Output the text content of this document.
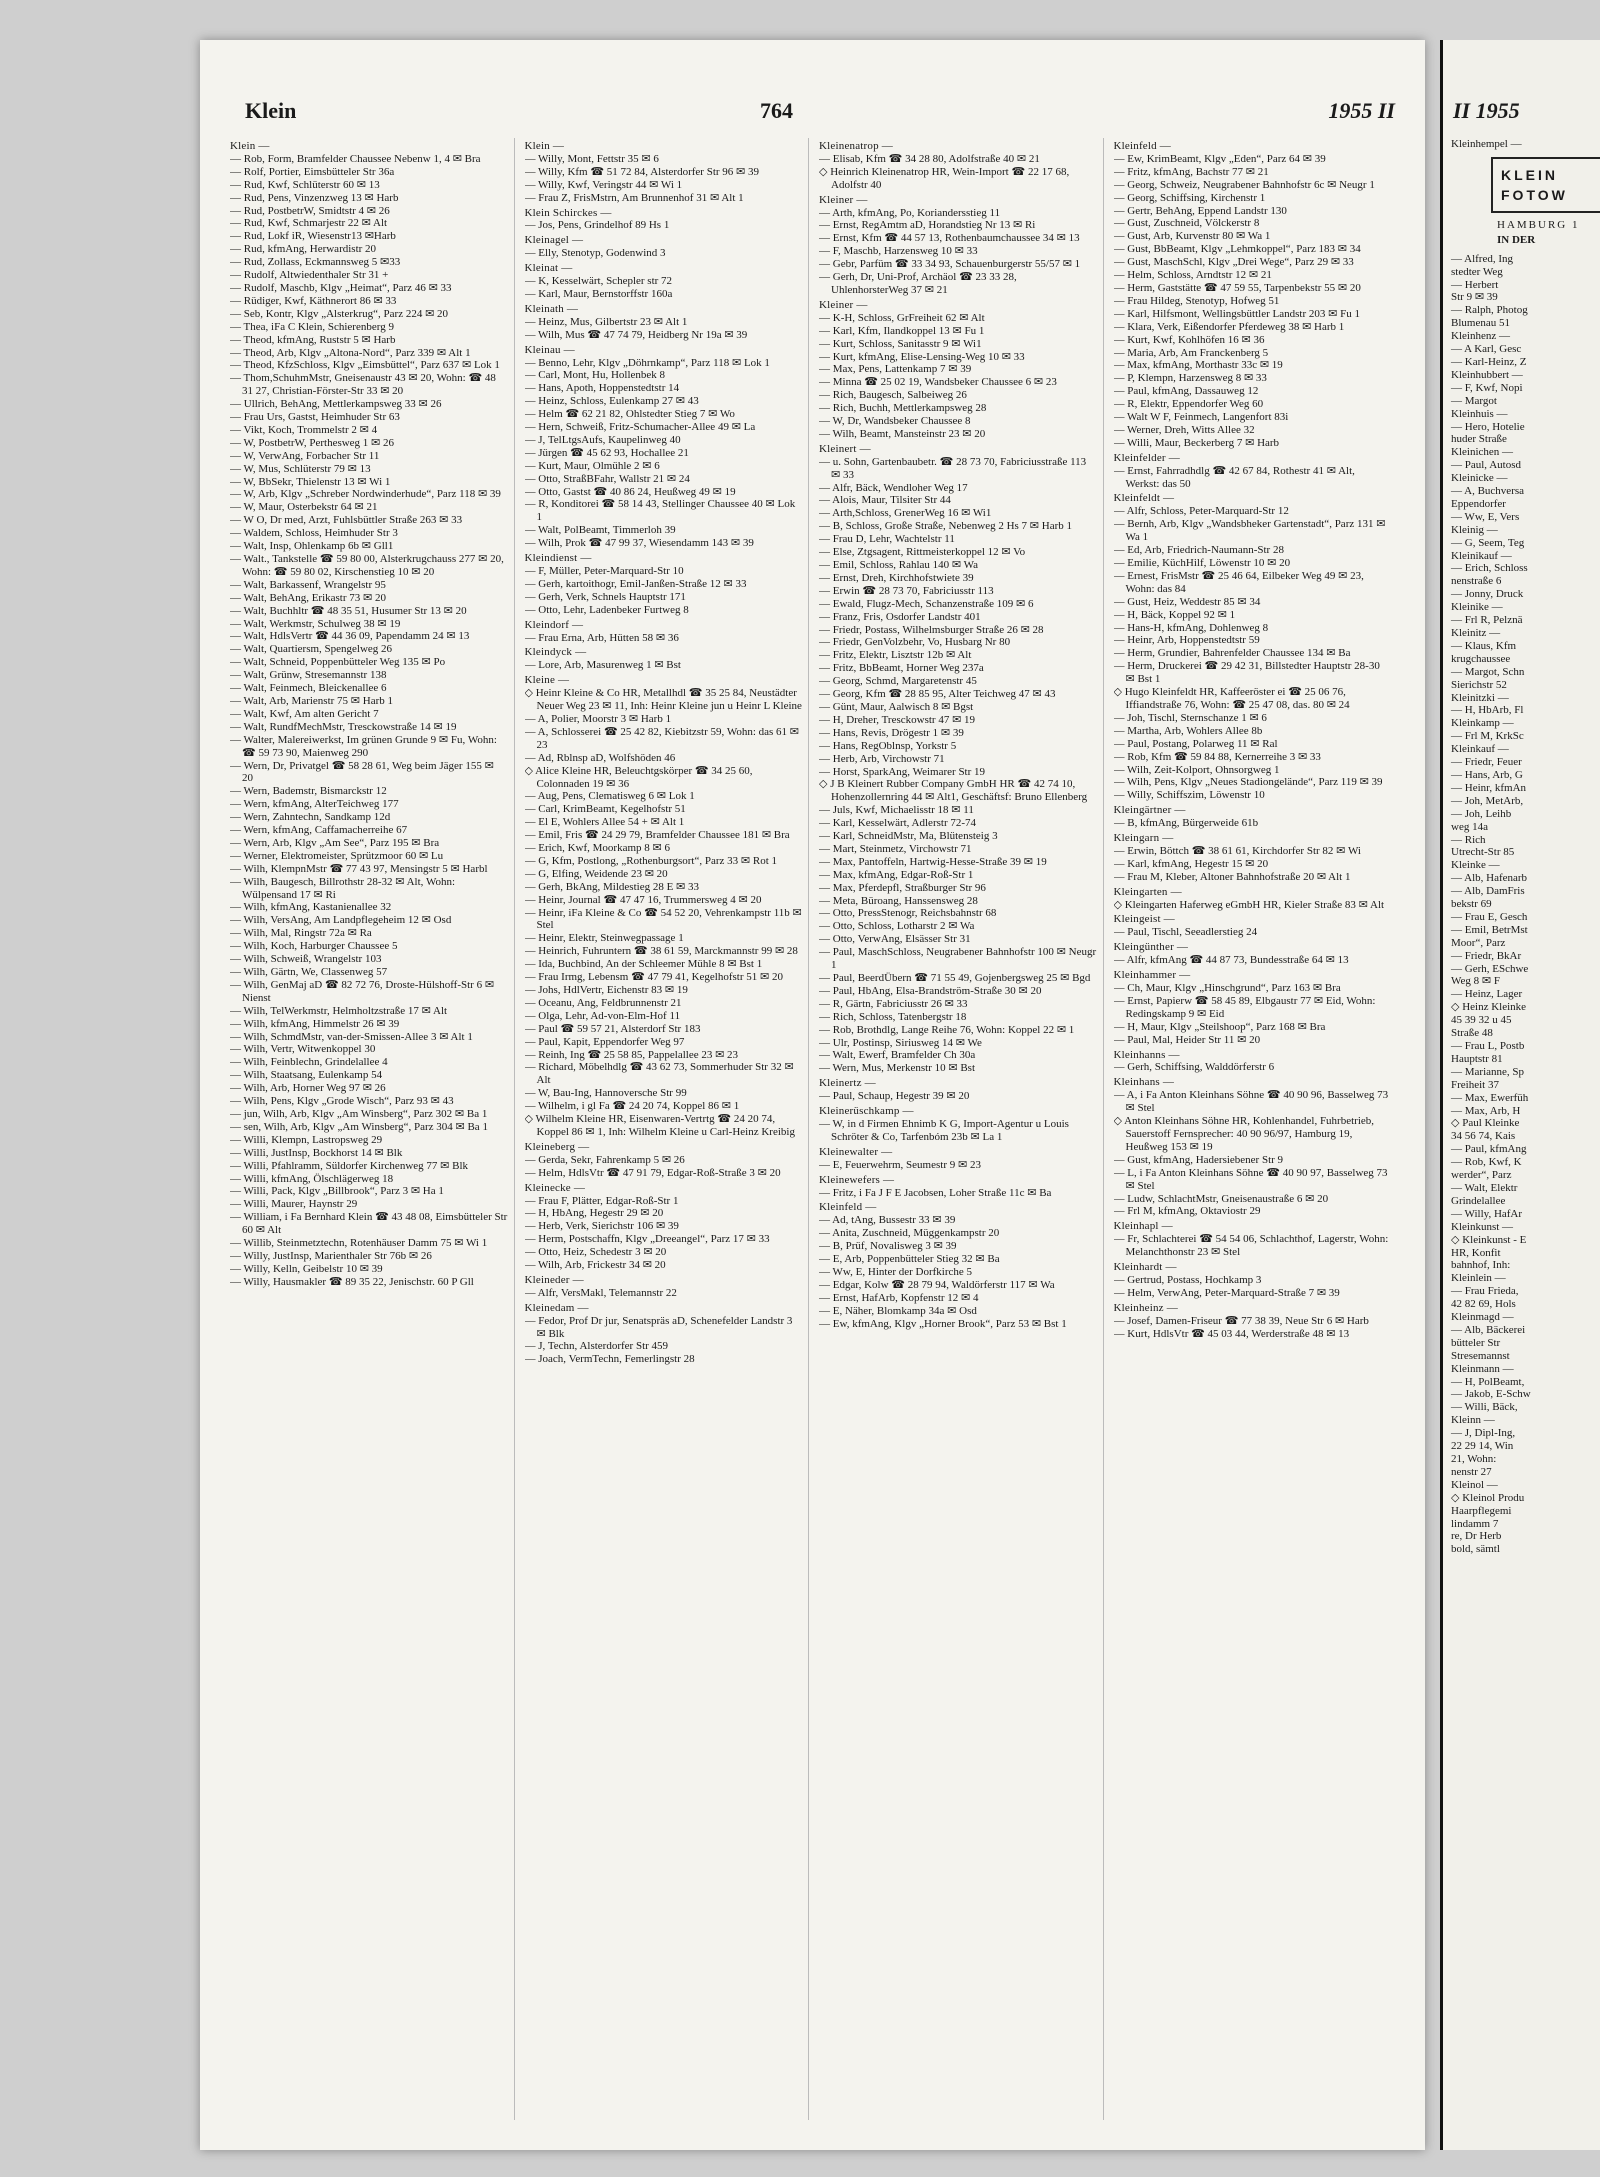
Klein	764	1955 II
Klein —
— Rob, Form, Bramfelder Chaussee Nebenw 1, 4 ✉ Bra
— Rolf, Portier, Eimsbütteler Str 36a
— Rud, Kwf, Schlüterstr 60 ✉ 13
— Rud, Pens, Vinzenzweg 13 ✉ Harb
— Rud, PostbetrW, Smidtstr 4 ✉ 26
— Rud, Kwf, Schmarjestr 22 ✉ Alt
— Rud, Lokf iR, Wiesenstr13 ✉Harb
— Rud, kfmAng, Herwardistr 20
— Rud, Zollass, Eckmannsweg 5 ✉33
— Rudolf, Altwiedenthaler Str 31 +
— Rudolf, Maschb, Klgv „Heimat“, Parz 46 ✉ 33
— Rüdiger, Kwf, Käthnerort 86 ✉ 33
— Seb, Kontr, Klgv „Alsterkrug“, Parz 224 ✉ 20
— Thea, iFa C Klein, Schierenberg 9
— Theod, kfmAng, Ruststr 5 ✉ Harb
— Theod, Arb, Klgv „Altona-Nord“, Parz 339 ✉ Alt 1
— Theod, KfzSchloss, Klgv „Eimsbüttel“, Parz 637 ✉ Lok 1
— Thom,SchuhmMstr, Gneisenaustr 43 ✉ 20, Wohn: ☎ 48 31 27, Christian-Förster-Str 33 ✉ 20
— Ullrich, BehAng, Mettlerkampsweg 33 ✉ 26
— Frau Urs, Gastst, Heimhuder Str 63
— Vikt, Koch, Trommelstr 2 ✉ 4
— W, PostbetrW, Perthesweg 1 ✉ 26
— W, VerwAng, Forbacher Str 11
— W, Mus, Schlüterstr 79 ✉ 13
— W, BbSekr, Thielenstr 13 ✉ Wi 1
— W, Arb, Klgv „Schreber Nordwinderhude“, Parz 118 ✉ 39
— W, Maur, Osterbekstr 64 ✉ 21
— W O, Dr med, Arzt, Fuhlsbüttler Straße 263 ✉ 33
— Waldem, Schloss, Heimhuder Str 3
— Walt, Insp, Ohlenkamp 6b ✉ Gll1
— Walt., Tankstelle ☎ 59 80 00, Alsterkrugchauss 277 ✉ 20, Wohn: ☎ 59 80 02, Kirschenstieg 10 ✉ 20
— Walt, Barkassenf, Wrangelstr 95
— Walt, BehAng, Erikastr 73 ✉ 20
— Walt, Buchhltr ☎ 48 35 51, Husumer Str 13 ✉ 20
— Walt, Werkmstr, Schulweg 38 ✉ 19
— Walt, HdlsVertr ☎ 44 36 09, Papendamm 24 ✉ 13
— Walt, Quartiersm, Spengelweg 26
— Walt, Schneid, Poppenbütteler Weg 135 ✉ Po
— Walt, Grünw, Stresemannstr 138
— Walt, Feinmech, Bleickenallee 6
— Walt, Arb, Marienstr 75 ✉ Harb 1
— Walt, Kwf, Am alten Gericht 7
— Walt, RundfMechMstr, Tresckowstraße 14 ✉ 19
— Walter, Malereiwerkst, Im grünen Grunde 9 ✉ Fu, Wohn: ☎ 59 73 90, Maienweg 290
— Wern, Dr, Privatgel ☎ 58 28 61, Weg beim Jäger 155 ✉ 20
— Wern, Bademstr, Bismarckstr 12
— Wern, kfmAng, AlterTeichweg 177
— Wern, Zahntechn, Sandkamp 12d
— Wern, kfmAng, Caffamacherreihe 67
— Wern, Arb, Klgv „Am See“, Parz 195 ✉ Bra
— Werner, Elektromeister, Sprützmoor 60 ✉ Lu
— Wilh, KlempnMstr ☎ 77 43 97, Mensingstr 5 ✉ Harbl
— Wilh, Baugesch, Billrothstr 28-32 ✉ Alt, Wohn: Wülpensand 17 ✉ Ri
— Wilh, kfmAng, Kastanienallee 32
— Wilh, VersAng, Am Landpflegeheim 12 ✉ Osd
— Wilh, Mal, Ringstr 72a ✉ Ra
— Wilh, Koch, Harburger Chaussee 5
— Wilh, Schweiß, Wrangelstr 103
— Wilh, Gärtn, We, Classenweg 57
— Wilh, GenMaj aD ☎ 82 72 76, Droste-Hülshoff-Str 6 ✉ Nienst
— Wilh, TelWerkmstr, Helmholtzstraße 17 ✉ Alt
— Wilh, kfmAng, Himmelstr 26 ✉ 39
— Wilh, SchmdMstr, van-der-Smissen-Allee 3 ✉ Alt 1
— Wilh, Vertr, Witwenkoppel 30
— Wilh, Feinblechn, Grindelallee 4
— Wilh, Staatsang, Eulenkamp 54
— Wilh, Arb, Horner Weg 97 ✉ 26
— Wilh, Pens, Klgv „Grode Wisch“, Parz 93 ✉ 43
— jun, Wilh, Arb, Klgv „Am Winsberg“, Parz 302 ✉ Ba 1
— sen, Wilh, Arb, Klgv „Am Winsberg“, Parz 304 ✉ Ba 1
— Willi, Klempn, Lastropsweg 29
— Willi, JustInsp, Bockhorst 14 ✉ Blk
— Willi, Pfahlramm, Süldorfer Kirchenweg 77 ✉ Blk
— Willi, kfmAng, Ölschlägerweg 18
— Willi, Pack, Klgv „Billbrook“, Parz 3 ✉ Ha 1
— Willi, Maurer, Haynstr 29
— William, i Fa Bernhard Klein ☎ 43 48 08, Eimsbütteler Str 60 ✉ Alt
— Willib, Steinmetztechn, Rotenhäuser Damm 75 ✉ Wi 1
— Willy, JustInsp, Marienthaler Str 76b ✉ 26
— Willy, Kelln, Geibelstr 10 ✉ 39
— Willy, Hausmakler ☎ 89 35 22, Jenischstr. 60 P Gll
Klein —
— Willy, Mont, Fettstr 35 ✉ 6
— Willy, Kfm ☎ 51 72 84, Alsterdorfer Str 96 ✉ 39
— Willy, Kwf, Veringstr 44 ✉ Wi 1
— Frau Z, FrisMstrn, Am Brunnenhof 31 ✉ Alt 1
Klein Schirckes —
— Jos, Pens, Grindelhof 89 Hs 1
Kleinagel —
— Elly, Stenotyp, Godenwind 3
Kleinat —
— K, Kesselwärt, Schepler str 72
— Karl, Maur, Bernstorffstr 160a
Kleinath —
— Heinz, Mus, Gilbertstr 23 ✉ Alt 1
— Wilh, Mus ☎ 47 74 79, Heidberg Nr 19a ✉ 39
Kleinau —
— Benno, Lehr, Klgv „Döhrnkamp“, Parz 118 ✉ Lok 1
— Carl, Mont, Hu, Hollenbek 8
— Hans, Apoth, Hoppenstedtstr 14
— Heinz, Schloss, Eulenkamp 27 ✉ 43
— Helm ☎ 62 21 82, Ohlstedter Stieg 7 ✉ Wo
— Hern, Schweiß, Fritz-Schumacher-Allee 49 ✉ La
— J, TelLtgsAufs, Kaupelinweg 40
— Jürgen ☎ 45 62 93, Hochallee 21
— Kurt, Maur, Olmühle 2 ✉ 6
— Otto, StraßBFahr, Wallstr 21 ✉ 24
— Otto, Gastst ☎ 40 86 24, Heußweg 49 ✉ 19
— R, Konditorei ☎ 58 14 43, Stellinger Chaussee 40 ✉ Lok 1
— Walt, PolBeamt, Timmerloh 39
— Wilh, Prok ☎ 47 99 37, Wiesendamm 143 ✉ 39
Kleindienst —
— F, Müller, Peter-Marquard-Str 10
— Gerh, kartoithogr, Emil-Janßen-Straße 12 ✉ 33
— Gerh, Verk, Schnels Hauptstr 171
— Otto, Lehr, Ladenbeker Furtweg 8
Kleindorf —
— Frau Erna, Arb, Hütten 58 ✉ 36
Kleindyck —
— Lore, Arb, Masurenweg 1 ✉ Bst
Kleine —
◇ Heinr Kleine & Co HR, Metallhdl ☎ 35 25 84, Neustädter Neuer Weg 23 ✉ 11, Inh: Heinr Kleine jun u Heinr L Kleine
— A, Polier, Moorstr 3 ✉ Harb 1
— A, Schlosserei ☎ 25 42 82, Kiebitzstr 59, Wohn: das 61 ✉ 23
— Ad, Rblnsp aD, Wolfshöden 46
◇ Alice Kleine HR, Beleuchtgskörper ☎ 34 25 60, Colonnaden 19 ✉ 36
— Aug, Pens, Clematisweg 6 ✉ Lok 1
— Carl, KrimBeamt, Kegelhofstr 51
— El E, Wohlers Allee 54 + ✉ Alt 1
— Emil, Fris ☎ 24 29 79, Bramfelder Chaussee 181 ✉ Bra
— Erich, Kwf, Moorkamp 8 ✉ 6
— G, Kfm, Postlong, „Rothenburgsort“, Parz 33 ✉ Rot 1
— G, Elfing, Weidende 23 ✉ 20
— Gerh, BkAng, Mildestieg 28 E ✉ 33
— Heinr, Journal ☎ 47 47 16, Trummersweg 4 ✉ 20
— Heinr, iFa Kleine & Co ☎ 54 52 20, Vehrenkampstr 11b ✉ Stel
— Heinr, Elektr, Steinwegpassage 1
— Heinrich, Fuhruntern ☎ 38 61 59, Marckmannstr 99 ✉ 28
— Ida, Buchbind, An der Schleemer Mühle 8 ✉ Bst 1
— Frau Irmg, Lebensm ☎ 47 79 41, Kegelhofstr 51 ✉ 20
— Johs, HdlVertr, Eichenstr 83 ✉ 19
— Oceanu, Ang, Feldbrunnenstr 21
— Olga, Lehr, Ad-von-Elm-Hof 11
— Paul ☎ 59 57 21, Alsterdorf Str 183
— Paul, Kapit, Eppendorfer Weg 97
— Reinh, Ing ☎ 25 58 85, Pappelallee 23 ✉ 23
— Richard, Möbelhdlg ☎ 43 62 73, Sommerhuder Str 32 ✉ Alt
— W, Bau-Ing, Hannoversche Str 99
— Wilhelm, i gl Fa ☎ 24 20 74, Koppel 86 ✉ 1
◇ Wilhelm Kleine HR, Eisenwaren-Vertrtg ☎ 24 20 74, Koppel 86 ✉ 1, Inh: Wilhelm Kleine u Carl-Heinz Kreibig
Kleineberg —
— Gerda, Sekr, Fahrenkamp 5 ✉ 26
— Helm, HdlsVtr ☎ 47 91 79, Edgar-Roß-Straße 3 ✉ 20
Kleinecke —
— Frau F, Plätter, Edgar-Roß-Str 1
— H, HbAng, Hegestr 29 ✉ 20
— Herb, Verk, Sierichstr 106 ✉ 39
— Herm, Postschaffn, Klgv „Dreeangel“, Parz 17 ✉ 33
— Otto, Heiz, Schedestr 3 ✉ 20
— Wilh, Arb, Frickestr 34 ✉ 20
Kleineder —
— Alfr, VersMakl, Telemannstr 22
Kleinedam —
— Fedor, Prof Dr jur, Senatspräs aD, Schenefelder Landstr 3 ✉ Blk
— J, Techn, Alsterdorfer Str 459
— Joach, VermTechn, Femerlingstr 28
Kleinenatrop —
— Elisab, Kfm ☎ 34 28 80, Adolfstraße 40 ✉ 21
◇ Heinrich Kleinenatrop HR, Wein-Import ☎ 22 17 68, Adolfstr 40
Kleiner —
— Arth, kfmAng, Po, Koriandersstieg 11
— Ernst, RegAmtm aD, Horandstieg Nr 13 ✉ Ri
— Ernst, Kfm ☎ 44 57 13, Rothenbaumchaussee 34 ✉ 13
— F, Maschb, Harzensweg 10 ✉ 33
— Gebr, Parfüm ☎ 33 34 93, Schauenburgerstr 55/57 ✉ 1
— Gerh, Dr, Uni-Prof, Archäol ☎ 23 33 28, UhlenhorsterWeg 37 ✉ 21
Kleiner —
— K-H, Schloss, GrFreiheit 62 ✉ Alt
— Karl, Kfm, Ilandkoppel 13 ✉ Fu 1
— Kurt, Schloss, Sanitasstr 9 ✉ Wi1
— Kurt, kfmAng, Elise-Lensing-Weg 10 ✉ 33
— Max, Pens, Lattenkamp 7 ✉ 39
— Minna ☎ 25 02 19, Wandsbeker Chaussee 6 ✉ 23
— Rich, Baugesch, Salbeiweg 26
— Rich, Buchh, Mettlerkampsweg 28
— W, Dr, Wandsbeker Chaussee 8
— Wilh, Beamt, Mansteinstr 23 ✉ 20
Kleinert —
— u. Sohn, Gartenbaubetr. ☎ 28 73 70, Fabriciusstraße 113 ✉ 33
— Alfr, Bäck, Wendloher Weg 17
— Alois, Maur, Tilsiter Str 44
— Arth,Schloss, GrenerWeg 16 ✉ Wi1
— B, Schloss, Große Straße, Nebenweg 2 Hs 7 ✉ Harb 1
— Frau D, Lehr, Wachtelstr 11
— Else, Ztgsagent, Rittmeisterkoppel 12 ✉ Vo
— Emil, Schloss, Rahlau 140 ✉ Wa
— Ernst, Dreh, Kirchhofstwiete 39
— Erwin ☎ 28 73 70, Fabriciusstr 113
— Ewald, Flugz-Mech, Schanzenstraße 109 ✉ 6
— Franz, Fris, Osdorfer Landstr 401
— Friedr, Postass, Wilhelmsburger Straße 26 ✉ 28
— Friedr, GenVolzbehr, Vo, Husbarg Nr 80
— Fritz, Elektr, Lisztstr 12b ✉ Alt
— Fritz, BbBeamt, Horner Weg 237a
— Georg, Schmd, Margaretenstr 45
— Georg, Kfm ☎ 28 85 95, Alter Teichweg 47 ✉ 43
— Günt, Maur, Aalwisch 8 ✉ Bgst
— H, Dreher, Tresckowstr 47 ✉ 19
— Hans, Revis, Drögestr 1 ✉ 39
— Hans, RegOblnsp, Yorkstr 5
— Herb, Arb, Virchowstr 71
— Horst, SparkAng, Weimarer Str 19
◇ J B Kleinert Rubber Company GmbH HR ☎ 42 74 10, Hohenzollernring 44 ✉ Alt1, Geschäftsf: Bruno Ellenberg
— Juls, Kwf, Michaelisstr 18 ✉ 11
— Karl, Kesselwärt, Adlerstr 72-74
— Karl, SchneidMstr, Ma, Blütensteig 3
— Mart, Steinmetz, Virchowstr 71
— Max, Pantoffeln, Hartwig-Hesse-Straße 39 ✉ 19
— Max, kfmAng, Edgar-Roß-Str 1
— Max, Pferdepfl, Straßburger Str 96
— Meta, Büroang, Hanssensweg 28
— Otto, PressStenogr, Reichsbahnstr 68
— Otto, Schloss, Lotharstr 2 ✉ Wa
— Otto, VerwAng, Elsässer Str 31
— Paul, MaschSchloss, Neugrabener Bahnhofstr 100 ✉ Neugr 1
— Paul, BeerdÜbern ☎ 71 55 49, Gojenbergsweg 25 ✉ Bgd
— Paul, HbAng, Elsa-Brandström-Straße 30 ✉ 20
— R, Gärtn, Fabriciusstr 26 ✉ 33
— Rich, Schloss, Tatenbergstr 18
— Rob, Brothdlg, Lange Reihe 76, Wohn: Koppel 22 ✉ 1
— Ulr, Postinsp, Siriusweg 14 ✉ We
— Walt, Ewerf, Bramfelder Ch 30a
— Wern, Mus, Merkenstr 10 ✉ Bst
Kleinertz —
— Paul, Schaup, Hegestr 39 ✉ 20
Kleinerüschkamp —
— W, in d Firmen Ehnimb K G, Import-Agentur u Louis Schröter & Co, Tarfenbóm 23b ✉ La 1
Kleinewalter —
— E, Feuerwehrm, Seumestr 9 ✉ 23
Kleinewefers —
— Fritz, i Fa J F E Jacobsen, Loher Straße 11c ✉ Ba
Kleinfeld —
— Ad, tAng, Bussestr 33 ✉ 39
— Anita, Zuschneid, Müggenkampstr 20
— B, Prüf, Novalisweg 3 ✉ 39
— E, Arb, Poppenbütteler Stieg 32 ✉ Ba
— Ww, E, Hinter der Dorfkirche 5
— Edgar, Kolw ☎ 28 79 94, Waldörferstr 117 ✉ Wa
— Ernst, HafArb, Kopfenstr 12 ✉ 4
— E, Näher, Blomkamp 34a ✉ Osd
— Ew, kfmAng, Klgv „Horner Brook“, Parz 53 ✉ Bst 1
Kleinfeld —
— Ew, KrimBeamt, Klgv „Eden“, Parz 64 ✉ 39
— Fritz, kfmAng, Bachstr 77 ✉ 21
— Georg, Schweiz, Neugrabener Bahnhofstr 6c ✉ Neugr 1
— Georg, Schiffsing, Kirchenstr 1
— Gertr, BehAng, Eppend Landstr 130
— Gust, Zuschneid, Völckerstr 8
— Gust, Arb, Kurvenstr 80 ✉ Wa 1
— Gust, BbBeamt, Klgv „Lehmkoppel“, Parz 183 ✉ 34
— Gust, MaschSchl, Klgv „Drei Wege“, Parz 29 ✉ 33
— Helm, Schloss, Arndtstr 12 ✉ 21
— Herm, Gaststätte ☎ 47 59 55, Tarpenbekstr 55 ✉ 20
— Frau Hildeg, Stenotyp, Hofweg 51
— Karl, Hilfsmont, Wellingsbüttler Landstr 203 ✉ Fu 1
— Klara, Verk, Eißendorfer Pferdeweg 38 ✉ Harb 1
— Kurt, Kwf, Kohlhöfen 16 ✉ 36
— Maria, Arb, Am Franckenberg 5
— Max, kfmAng, Morthastr 33c ✉ 19
— P, Klempn, Harzensweg 8 ✉ 33
— Paul, kfmAng, Dassauweg 12
— R, Elektr, Eppendorfer Weg 60
— Walt W F, Feinmech, Langenfort 83i
— Werner, Dreh, Witts Allee 32
— Willi, Maur, Beckerberg 7 ✉ Harb
Kleinfelder —
— Ernst, Fahrradhdlg ☎ 42 67 84, Rothestr 41 ✉ Alt, Werkst: das 50
Kleinfeldt —
— Alfr, Schloss, Peter-Marquard-Str 12
— Bernh, Arb, Klgv „Wandsbheker Gartenstadt“, Parz 131 ✉ Wa 1
— Ed, Arb, Friedrich-Naumann-Str 28
— Emilie, KüchHilf, Löwenstr 10 ✉ 20
— Ernest, FrisMstr ☎ 25 46 64, Eilbeker Weg 49 ✉ 23, Wohn: das 84
— Gust, Heiz, Weddestr 85 ✉ 34
— H, Bäck, Koppel 92 ✉ 1
— Hans-H, kfmAng, Dohlenweg 8
— Heinr, Arb, Hoppenstedtstr 59
— Herm, Grundier, Bahrenfelder Chaussee 134 ✉ Ba
— Herm, Druckerei ☎ 29 42 31, Billstedter Hauptstr 28-30 ✉ Bst 1
◇ Hugo Kleinfeldt HR, Kaffeeröster ei ☎ 25 06 76, Iffiandstraße 76, Wohn: ☎ 25 47 08, das. 80 ✉ 24
— Joh, Tischl, Sternschanze 1 ✉ 6
— Martha, Arb, Wohlers Allee 8b
— Paul, Postang, Polarweg 11 ✉ Ral
— Rob, Kfm ☎ 59 84 88, Kernerreihe 3 ✉ 33
— Wilh, Zeit-Kolport, Ohnsorgweg 1
— Wilh, Pens, Klgv „Neues Stadiongelände“, Parz 119 ✉ 39
— Willy, Schiffszim, Löwenstr 10
Kleingärtner —
— B, kfmAng, Bürgerweide 61b
Kleingarn —
— Erwin, Böttch ☎ 38 61 61, Kirchdorfer Str 82 ✉ Wi
— Karl, kfmAng, Hegestr 15 ✉ 20
— Frau M, Kleber, Altoner Bahnhofstraße 20 ✉ Alt 1
Kleingarten —
◇ Kleingarten Haferweg eGmbH HR, Kieler Straße 83 ✉ Alt
Kleingeist —
— Paul, Tischl, Seeadlerstieg 24
Kleingünther —
— Alfr, kfmAng ☎ 44 87 73, Bundesstraße 64 ✉ 13
Kleinhammer —
— Ch, Maur, Klgv „Hinschgrund“, Parz 163 ✉ Bra
— Ernst, Papierw ☎ 58 45 89, Elbgaustr 77 ✉ Eid, Wohn: Redingskamp 9 ✉ Eid
— H, Maur, Klgv „Steilshoop“, Parz 168 ✉ Bra
— Paul, Mal, Heider Str 11 ✉ 20
Kleinhanns —
— Gerh, Schiffsing, Walddörferstr 6
Kleinhans —
— A, i Fa Anton Kleinhans Söhne ☎ 40 90 96, Basselweg 73 ✉ Stel
◇ Anton Kleinhans Söhne HR, Kohlenhandel, Fuhrbetrieb, Sauerstoff Fernsprecher: 40 90 96/97, Hamburg 19, Heußweg 153 ✉ 19
— Gust, kfmAng, Hadersiebener Str 9
— L, i Fa Anton Kleinhans Söhne ☎ 40 90 97, Basselweg 73 ✉ Stel
— Ludw, SchlachtMstr, Gneisenaustraße 6 ✉ 20
— Frl M, kfmAng, Oktaviostr 29
Kleinhapl —
— Fr, Schlachterei ☎ 54 54 06, Schlachthof, Lagerstr, Wohn: Melanchthonstr 23 ✉ Stel
Kleinhardt —
— Gertrud, Postass, Hochkamp 3
— Helm, VerwAng, Peter-Marquard-Straße 7 ✉ 39
Kleinheinz —
— Josef, Damen-Friseur ☎ 77 38 39, Neue Str 6 ✉ Harb
— Kurt, HdlsVtr ☎ 45 03 44, Werderstraße 48 ✉ 13
II 1955
Kleinhempel —
KLEIN
FOTOW
HAMBURG 1
IN DER
— Alfred, Ing
stedter Weg
— Herbert
Str 9 ✉ 39
— Ralph, Photog
Blumenau 51
Kleinhenz —
— A Karl, Gesc
— Karl-Heinz, Z
Kleinhubbert —
— F, Kwf, Nopi
— Margot
Kleinhuis —
— Hero, Hotelie
huder Straße
Kleinichen —
— Paul, Autosd
Kleinicke —
— A, Buchversa
Eppendorfer
— Ww, E, Vers
Kleinig —
— G, Seem, Teg
Kleinikauf —
— Erich, Schloss
nenstraße 6
— Jonny, Druck
Kleinike —
— Frl R, Pelznä
Kleinitz —
— Klaus, Kfm
krugchaussee
— Margot, Schn
Sierichstr 52
Kleinitzki —
— H, HbArb, Fl
Kleinkamp —
— Frl M, KrkSc
Kleinkauf —
— Friedr, Feuer
— Hans, Arb, G
— Heinr, kfmAn
— Joh, MetArb,
— Joh, Leihb
weg 14a
— Rich
Utrecht-Str 85
Kleinke —
— Alb, Hafenarb
— Alb, DamFris
bekstr 69
— Frau E, Gesch
— Emil, BetrMst
Moor“, Parz
— Friedr, BkAr
— Gerh, ESchwe
Weg 8 ✉ F
— Heinz, Lager
◇ Heinz Kleinke
45 39 32 u 45
Straße 48
— Frau L, Postb
Hauptstr 81
— Marianne, Sp
Freiheit 37
— Max, Ewerfüh
— Max, Arb, H
◇ Paul Kleinke
34 56 74, Kais
— Paul, kfmAng
— Rob, Kwf, K
werder“, Parz
— Walt, Elektr
Grindelallee
— Willy, HafAr
Kleinkunst —
◇ Kleinkunst - E
HR, Konfit
bahnhof, Inh:
Kleinlein —
— Frau Frieda,
42 82 69, Hols
Kleinmagd —
— Alb, Bäckerei
bütteler Str
Stresemannst
Kleinmann —
— H, PolBeamt,
— Jakob, E-Schw
— Willi, Bäck,
Kleinn —
— J, Dipl-Ing,
22 29 14, Win
21, Wohn:
nenstr 27
Kleinol —
◇ Kleinol Produ
Haarpflegemi
lindamm 7
re, Dr Herb
bold, sämtl
